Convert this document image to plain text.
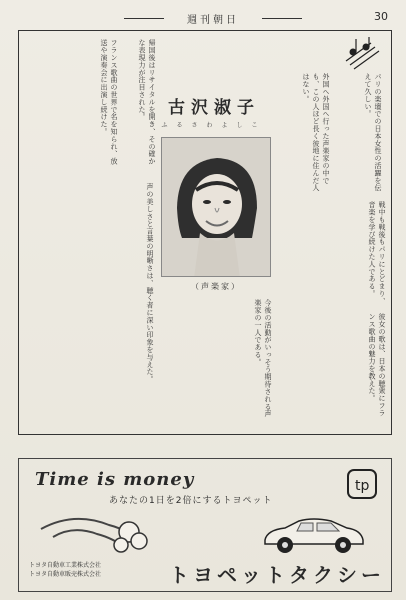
週刊朝日	30
パリの楽壇での日本女性の活躍を伝えて久しい。
外国へ外国へ行った声楽家の中でも、この人ほど長く彼地に住んだ人はない。
フランス歌曲の世界で名を知られ、放送や演奏会に出演し続けた。	帰国後はリサイタルを開き、その確かな表現力が注目された。
声の美しさと言葉の明晰さは、聴く者に深い印象を与えた。	戦中も戦後もパリにとどまり、音楽を学び続けた人である。
彼女の歌は、日本の聴衆にフランス歌曲の魅力を教えた。
今後の活動がいっそう期待される声楽家の一人である。
古沢淑子
ふるさわよしこ
（声楽家）
Time is money
あなたの1日を2倍にするトヨペット
tp
トヨタ自動車工業株式会社
トヨタ自動車販売株式会社	トヨペットタクシー
